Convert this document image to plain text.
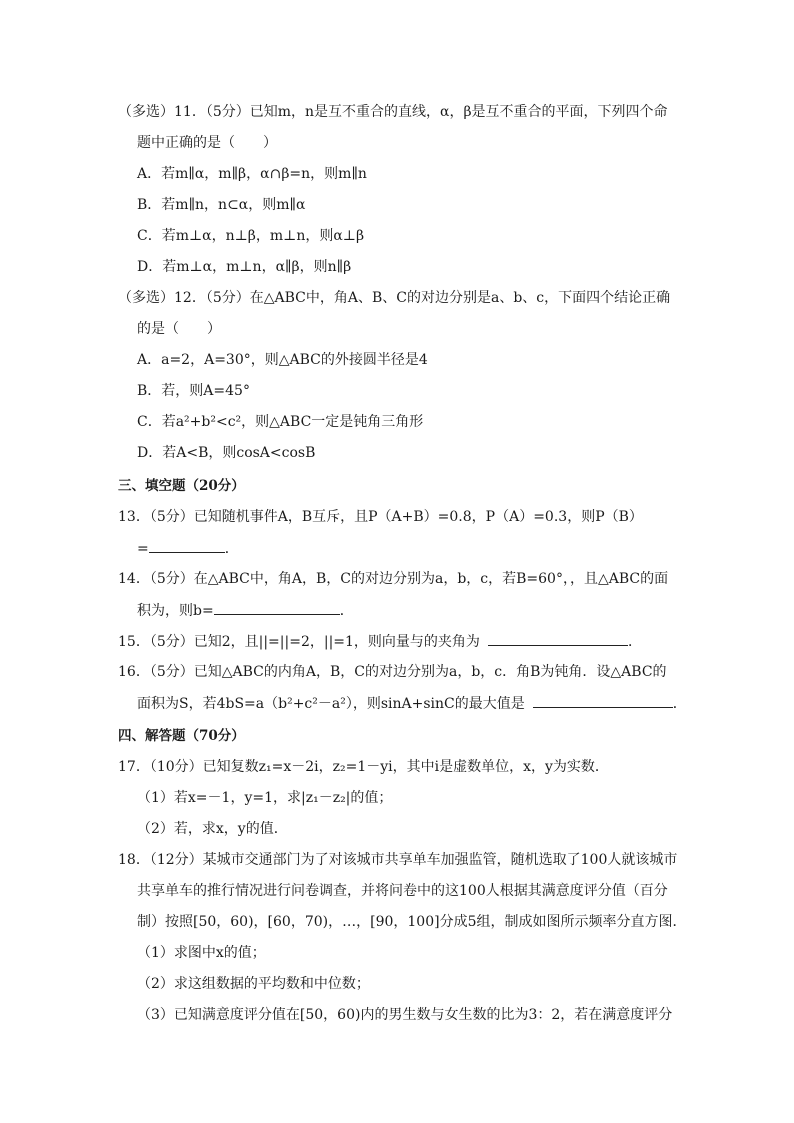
（多选）11．（5分）已知m，n是互不重合的直线，α，β是互不重合的平面，下列四个命
题中正确的是（　　）
A．若m∥α，m∥β，α∩β=n，则m∥n
B．若m∥n，n⊂α，则m∥α
C．若m⊥α，n⊥β，m⊥n，则α⊥β
D．若m⊥α，m⊥n，α∥β，则n∥β
（多选）12．（5分）在△ABC中，角A、B、C的对边分别是a、b、c，下面四个结论正确
的是（　　）
A．a=2，A=30°，则△ABC的外接圆半径是4
B．若，则A=45°
C．若a²+b²<c²，则△ABC一定是钝角三角形
D．若A<B，则cosA<cosB
三、填空题（20分）
13．（5分）已知随机事件A，B互斥，且P（A+B）=0.8，P（A）=0.3，则P（B）
=	．
14．（5分）在△ABC中，角A，B，C的对边分别为a，b，c，若B=60°，，且△ABC的面
积为，则b=	．
15．（5分）已知2，且||=||=2，||=1，则向量与的夹角为	．
16．（5分）已知△ABC的内角A，B，C的对边分别为a，b，c．角B为钝角．设△ABC的
面积为S，若4bS=a（b²+c²－a²），则sinA+sinC的最大值是	．
四、解答题（70分）
17．（10分）已知复数z₁=x－2i，z₂=1－yi，其中i是虚数单位，x，y为实数．
（1）若x=－1，y=1，求|z₁－z₂|的值；
（2）若，求x，y的值．
18．（12分）某城市交通部门为了对该城市共享单车加强监管，随机选取了100人就该城市
共享单车的推行情况进行问卷调查，并将问卷中的这100人根据其满意度评分值（百分
制）按照[50，60)，[60，70)，…，[90，100]分成5组，制成如图所示频率分直方图．
（1）求图中x的值；
（2）求这组数据的平均数和中位数；
（3）已知满意度评分值在[50，60)内的男生数与女生数的比为3：2，若在满意度评分
